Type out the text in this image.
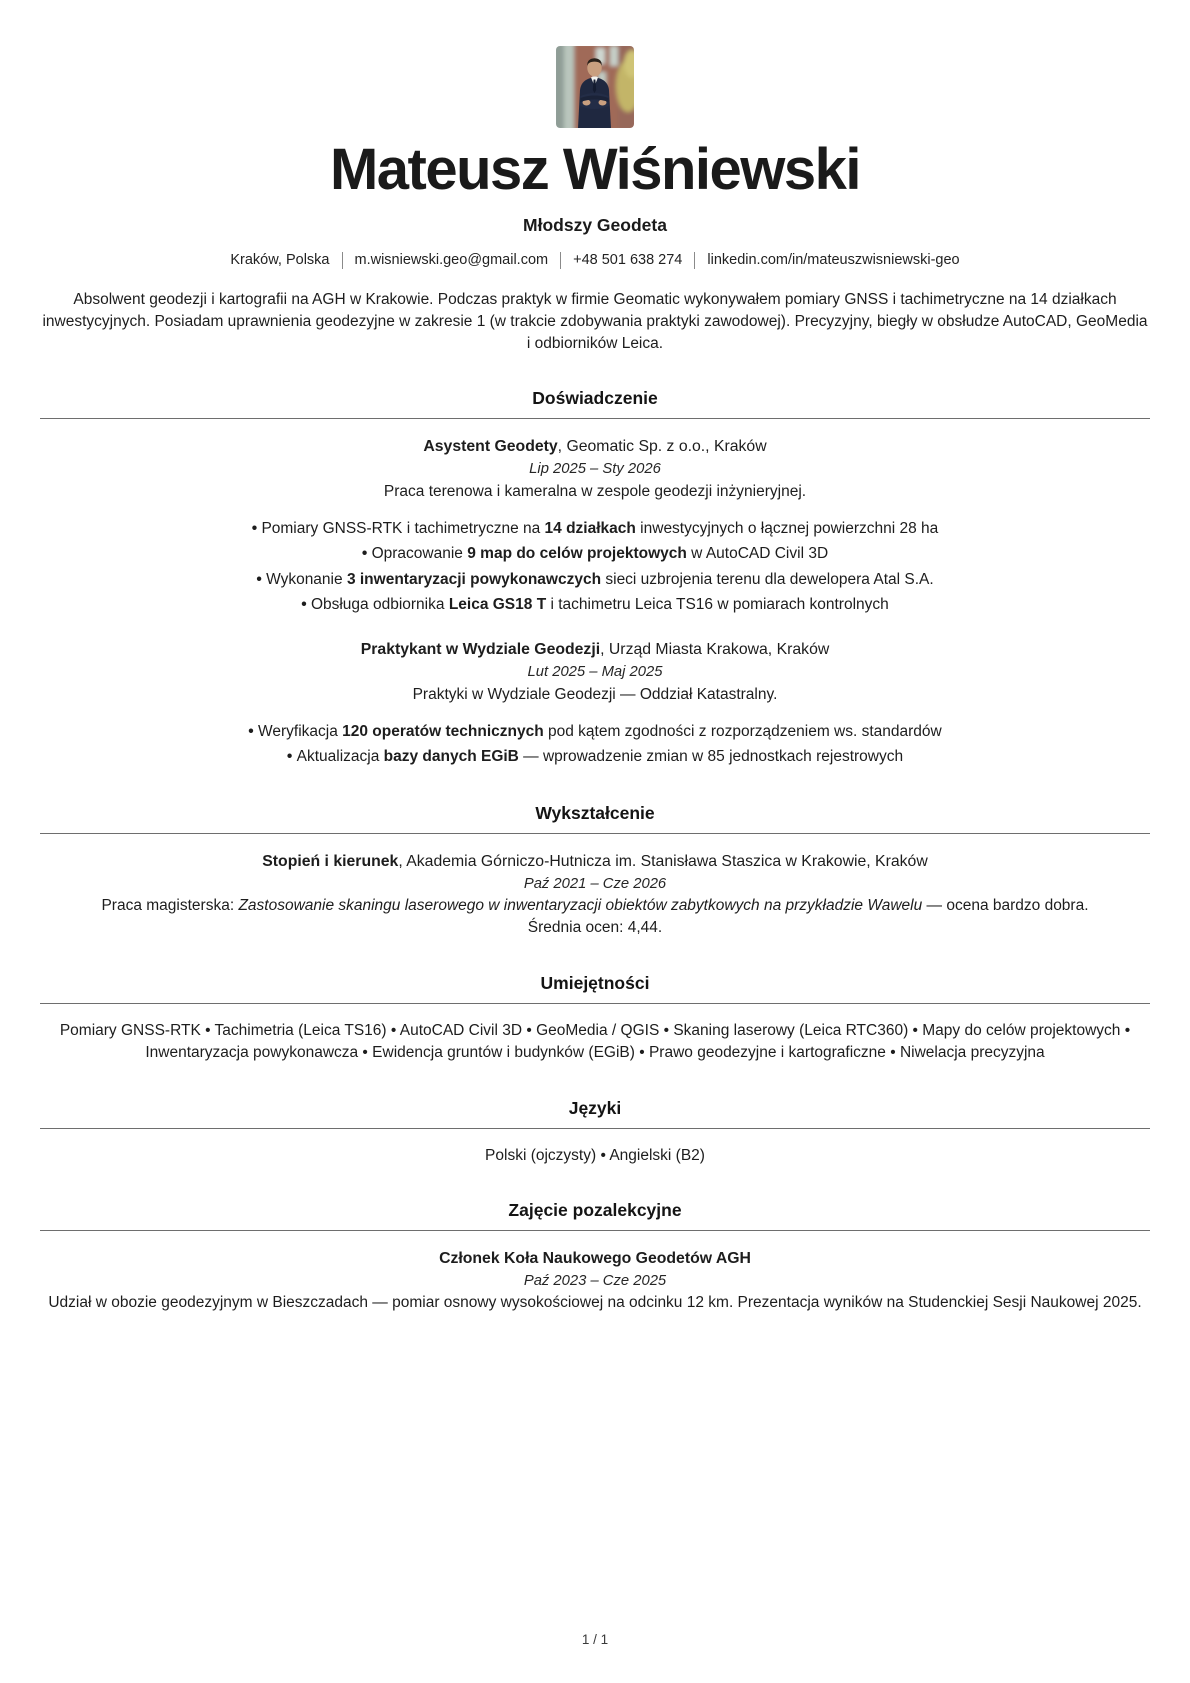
Mateusz Wiśniewski
Młodszy Geodeta
Kraków, Polska m.wisniewski.geo@gmail.com +48 501 638 274 linkedin.com/in/mateuszwisniewski-geo

Absolwent geodezji i kartografii na AGH w Krakowie. Podczas praktyk w firmie Geomatic wykonywałem pomiary GNSS i tachimetryczne na 14 działkach inwestycyjnych. Posiadam uprawnienia geodezyjne w zakresie 1 (w trakcie zdobywania praktyki zawodowej). Precyzyjny, biegły w obsłudze AutoCAD, GeoMedia i odbiorników Leica.

Doświadczenie
Asystent Geodety, Geomatic Sp. z o.o., Kraków
Lip 2025 – Sty 2026
Praca terenowa i kameralna w zespole geodezji inżynieryjnej.
• Pomiary GNSS-RTK i tachimetryczne na 14 działkach inwestycyjnych o łącznej powierzchni 28 ha
• Opracowanie 9 map do celów projektowych w AutoCAD Civil 3D
• Wykonanie 3 inwentaryzacji powykonawczych sieci uzbrojenia terenu dla dewelopera Atal S.A.
• Obsługa odbiornika Leica GS18 T i tachimetru Leica TS16 w pomiarach kontrolnych
Praktykant w Wydziale Geodezji, Urząd Miasta Krakowa, Kraków
Lut 2025 – Maj 2025
Praktyki w Wydziale Geodezji — Oddział Katastralny.
• Weryfikacja 120 operatów technicznych pod kątem zgodności z rozporządzeniem ws. standardów
• Aktualizacja bazy danych EGiB — wprowadzenie zmian w 85 jednostkach rejestrowych
Wykształcenie
Stopień i kierunek, Akademia Górniczo-Hutnicza im. Stanisława Staszica w Krakowie, Kraków
Paź 2021 – Cze 2026

Praca magisterska: Zastosowanie skaningu laserowego w inwentaryzacji obiektów zabytkowych na przykładzie Wawelu — ocena bardzo dobra.

Średnia ocen: 4,44.

Umiejętności

Pomiary GNSS-RTK • Tachimetria (Leica TS16) • AutoCAD Civil 3D • GeoMedia / QGIS • Skaning laserowy (Leica RTC360) • Mapy do celów projektowych • Inwentaryzacja powykonawcza • Ewidencja gruntów i budynków (EGiB) • Prawo geodezyjne i kartograficzne • Niwelacja precyzyjna

Języki

Polski (ojczysty) • Angielski (B2)

Zajęcie pozalekcyjne
Członek Koła Naukowego Geodetów AGH
Paź 2023 – Cze 2025

Udział w obozie geodezyjnym w Bieszczadach — pomiar osnowy wysokościowej na odcinku 12 km. Prezentacja wyników na Studenckiej Sesji Naukowej 2025.

1 / 1
